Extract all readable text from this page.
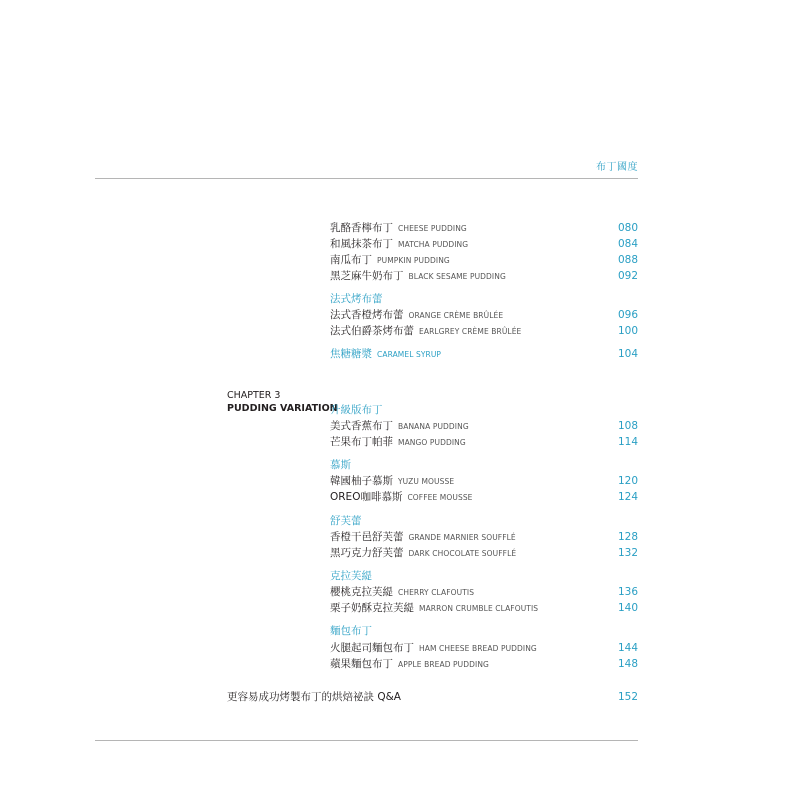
布丁國度
乳酪香檸布丁 CHEESE PUDDING	080
和風抹茶布丁 MATCHA PUDDING	084
南瓜布丁 PUMPKIN PUDDING	088
黑芝麻牛奶布丁 BLACK SESAME PUDDING	092
法式烤布蕾
法式香橙烤布蕾 ORANGE CRÈME BRÛLÉE	096
法式伯爵茶烤布蕾 EARLGREY CRÈME BRÛLÉE	100
焦糖糖漿 CARAMEL SYRUP	104
CHAPTER 3
PUDDING VARIATION
升級版布丁
美式香蕉布丁 BANANA PUDDING	108
芒果布丁帕菲 MANGO PUDDING	114
慕斯
韓國柚子慕斯 YUZU MOUSSE	120
OREO咖啡慕斯 COFFEE MOUSSE	124
舒芙蕾
香橙干邑舒芙蕾 GRANDE MARNIER SOUFFLÉ	128
黑巧克力舒芙蕾 DARK CHOCOLATE SOUFFLÉ	132
克拉芙緹
櫻桃克拉芙緹 CHERRY CLAFOUTIS	136
栗子奶酥克拉芙緹 MARRON CRUMBLE CLAFOUTIS	140
麵包布丁
火腿起司麵包布丁 HAM CHEESE BREAD PUDDING	144
蘋果麵包布丁 APPLE BREAD PUDDING	148
更容易成功烤製布丁的烘焙祕訣 Q&A	152
